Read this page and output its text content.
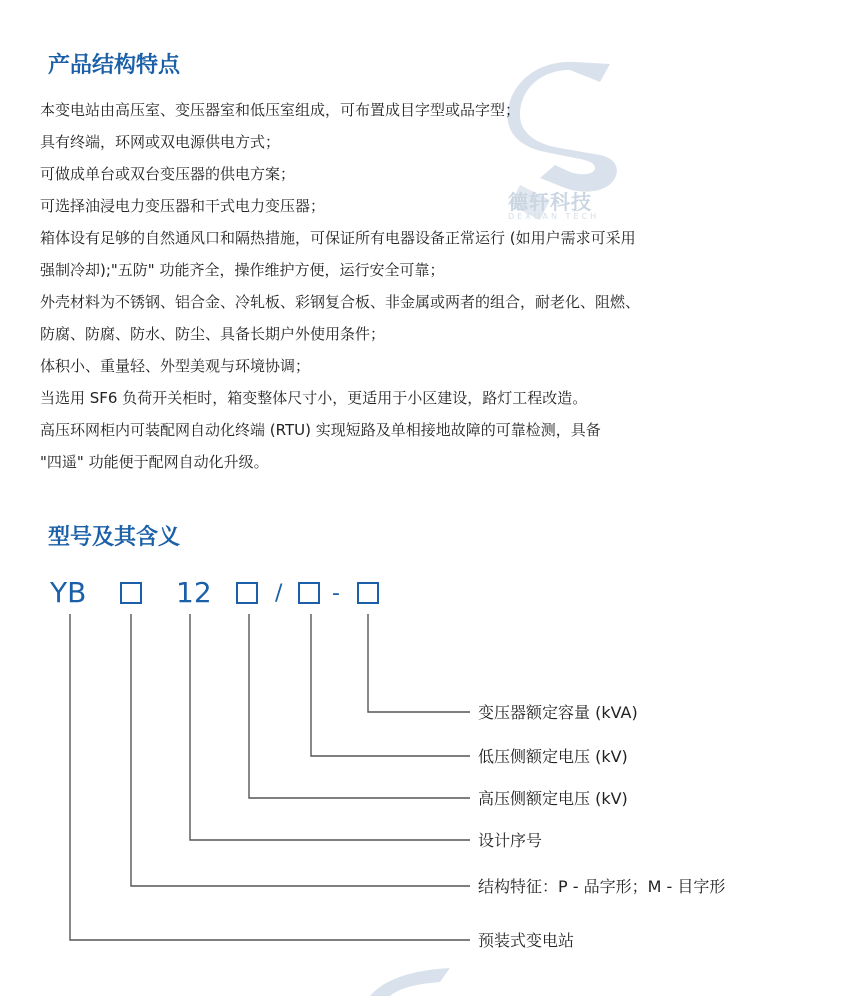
德轩科技
DEXUAN TECH
产品结构特点
本变电站由高压室、变压器室和低压室组成，可布置成目字型或品字型；
具有终端，环网或双电源供电方式；
可做成单台或双台变压器的供电方案；
可选择油浸电力变压器和干式电力变压器；
箱体设有足够的自然通风口和隔热措施，可保证所有电器设备正常运行 (如用户需求可采用
强制冷却);"五防" 功能齐全，操作维护方便，运行安全可靠；
外壳材料为不锈钢、铝合金、冷轧板、彩钢复合板、非金属或两者的组合，耐老化、阻燃、
防腐、防腐、防水、防尘、具备长期户外使用条件；
体积小、重量轻、外型美观与环境协调；
当选用 SF6 负荷开关柜时，箱变整体尺寸小，更适用于小区建设，路灯工程改造。
高压环网柜内可装配网自动化终端 (RTU) 实现短路及单相接地故障的可靠检测，具备
"四遥" 功能便于配网自动化升级。
型号及其含义
YB	12	/ -
变压器额定容量 (kVA)
低压侧额定电压 (kV)
高压侧额定电压 (kV)
设计序号
结构特征：P - 品字形；M - 目字形
预装式变电站
